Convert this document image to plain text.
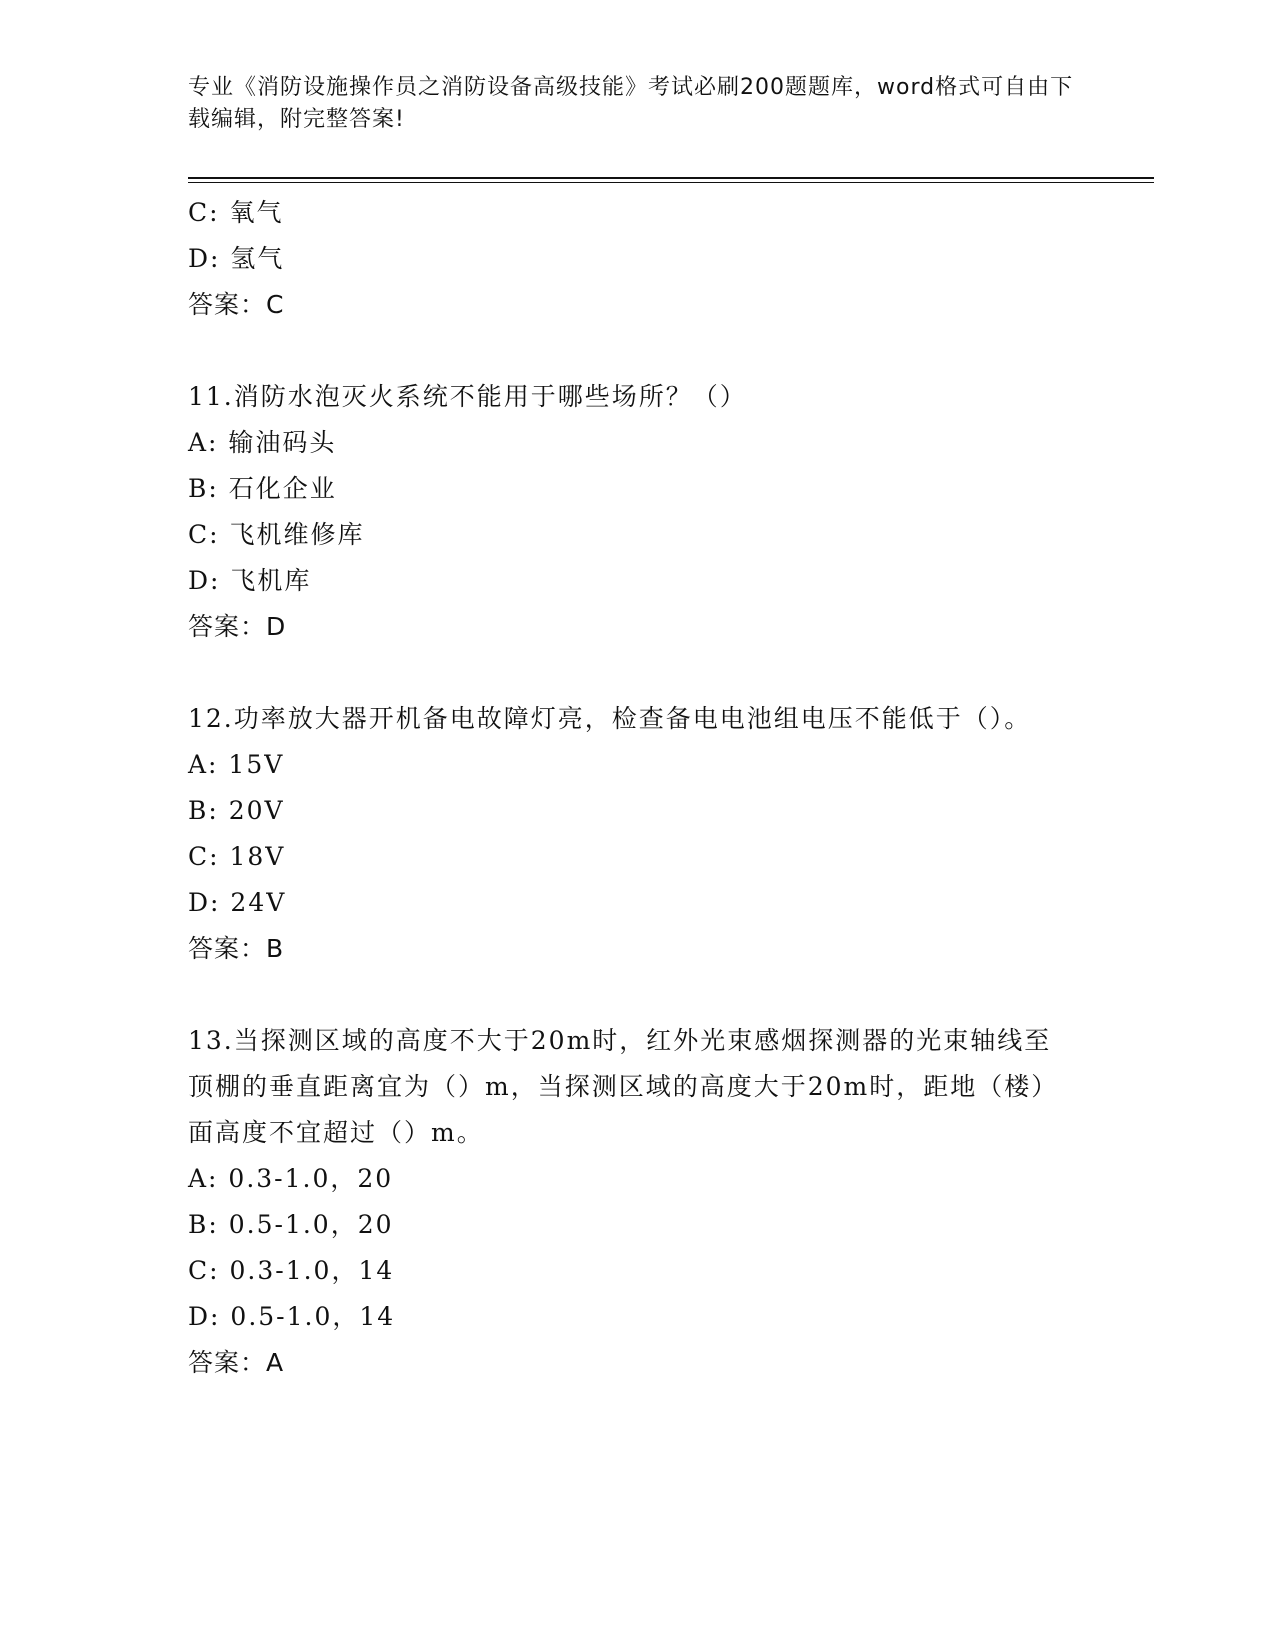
专业《消防设施操作员之消防设备高级技能》考试必刷200题题库，word格式可自由下载编辑，附完整答案!
C: 氧气
D: 氢气
答案：C
11.消防水泡灭火系统不能用于哪些场所？（）
A: 输油码头
B: 石化企业
C: 飞机维修库
D: 飞机库
答案：D
12.功率放大器开机备电故障灯亮，检查备电电池组电压不能低于（）。
A: 15V
B: 20V
C: 18V
D: 24V
答案：B
13.当探测区域的高度不大于20m时，红外光束感烟探测器的光束轴线至顶棚的垂直距离宜为（）m，当探测区域的高度大于20m时，距地（楼）面高度不宜超过（）m。
A: 0.3-1.0，20
B: 0.5-1.0，20
C: 0.3-1.0，14
D: 0.5-1.0，14
答案：A
